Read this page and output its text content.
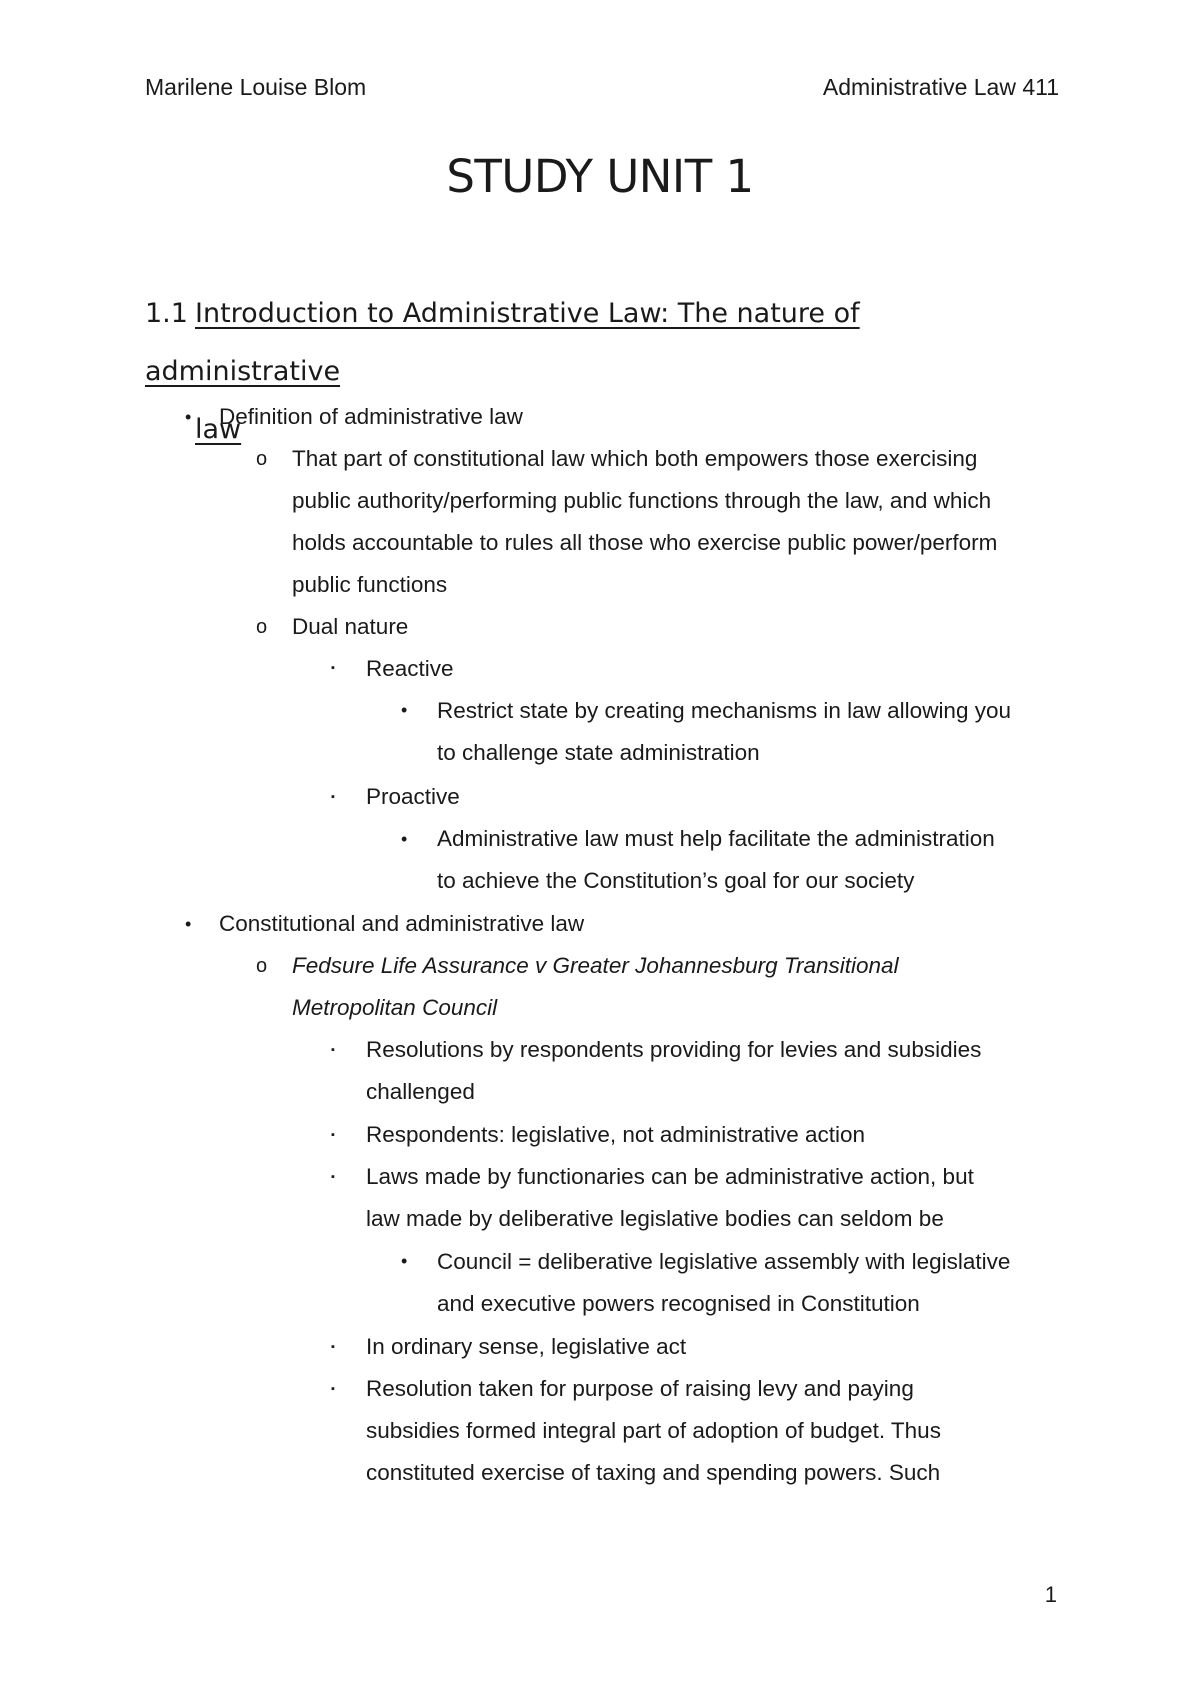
Marilene Louise Blom	Administrative Law 411
STUDY UNIT 1
1.1 Introduction to Administrative Law: The nature of administrative
law
•
o
o
▪
•
▪
•
•
o
▪
▪
▪
•
▪
▪
Definition of administrative law
That part of constitutional law which both empowers those exercising
public authority/performing public functions through the law, and which
holds accountable to rules all those who exercise public power/perform
public functions
Dual nature
Reactive
Restrict state by creating mechanisms in law allowing you
to challenge state administration
Proactive
Administrative law must help facilitate the administration
to achieve the Constitution’s goal for our society
Constitutional and administrative law
Fedsure Life Assurance v Greater Johannesburg Transitional
Metropolitan Council
Resolutions by respondents providing for levies and subsidies
challenged
Respondents: legislative, not administrative action
Laws made by functionaries can be administrative action, but
law made by deliberative legislative bodies can seldom be
Council = deliberative legislative assembly with legislative
and executive powers recognised in Constitution
In ordinary sense, legislative act
Resolution taken for purpose of raising levy and paying
subsidies formed integral part of adoption of budget. Thus
constituted exercise of taxing and spending powers. Such
1
